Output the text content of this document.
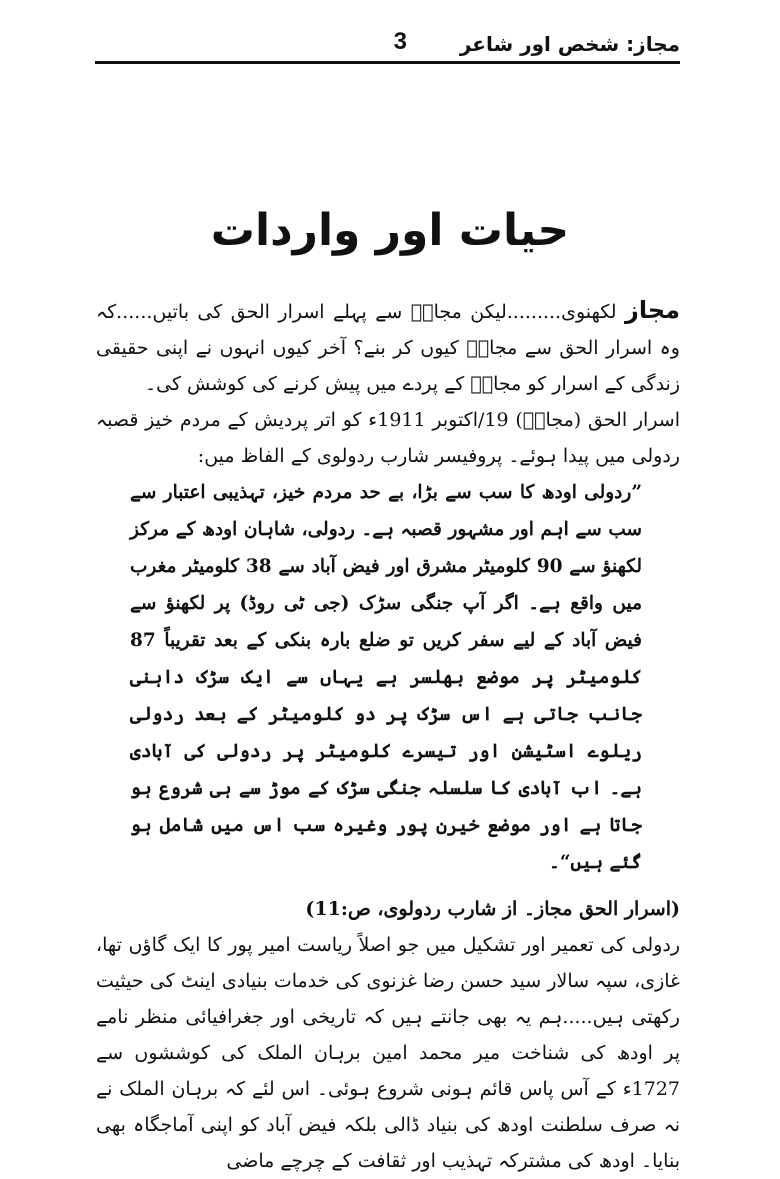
مجاز: شخص اور شاعر
3
حیات اور واردات

مجاز لکھنوی.........لیکن مجازؔ سے پہلے اسرار الحق کی باتیں......کہ وہ اسرار الحق سے مجازؔ کیوں کر بنے؟ آخر کیوں انہوں نے اپنی حقیقی زندگی کے اسرار کو مجازؔ کے پردے میں پیش کرنے کی کوشش کی۔

اسرار الحق (مجازؔ) 19/اکتوبر 1911ء کو اتر پردیش کے مردم خیز قصبہ ردولی میں پیدا ہوئے۔ پروفیسر شارب ردولوی کے الفاظ میں:

”ردولی اودھ کا سب سے بڑا، بے حد مردم خیز، تہذیبی اعتبار سے سب سے اہم اور مشہور قصبہ ہے۔ ردولی، شاہان اودھ کے مرکز لکھنؤ سے 90 کلومیٹر مشرق اور فیض آباد سے 38 کلومیٹر مغرب میں واقع ہے۔ اگر آپ جنگی سڑک (جی ٹی روڈ) پر لکھنؤ سے فیض آباد کے لیے سفر کریں تو ضلع بارہ بنکی کے بعد تقریباً 87 کلومیٹر پر موضع بھلسر ہے یہاں سے ایک سڑک داہنی جانب جاتی ہے اس سڑک پر دو کلومیٹر کے بعد ردولی ریلوے اسٹیشن اور تیسرے کلومیٹر پر ردولی کی آبادی ہے۔ اب آبادی کا سلسلہ جنگی سڑک کے موڑ سے ہی شروع ہو جاتا ہے اور موضع خیرن پور وغیرہ سب اس میں شامل ہو گئے ہیں“۔

(اسرار الحق مجاز۔ از شارب ردولوی، ص:11)

ردولی کی تعمیر اور تشکیل میں جو اصلاً ریاست امیر پور کا ایک گاؤں تھا، غازی، سپہ سالار سید حسن رضا غزنوی کی خدمات بنیادی اینٹ کی حیثیت رکھتی ہیں.....ہم یہ بھی جانتے ہیں کہ تاریخی اور جغرافیائی منظر نامے پر اودھ کی شناخت میر محمد امین برہان الملک کی کوششوں سے 1727ء کے آس پاس قائم ہونی شروع ہوئی۔ اس لئے کہ برہان الملک نے نہ صرف سلطنت اودھ کی بنیاد ڈالی بلکہ فیض آباد کو اپنی آماجگاہ بھی بنایا۔ اودھ کی مشترکہ تہذیب اور ثقافت کے چرچے ماضی
